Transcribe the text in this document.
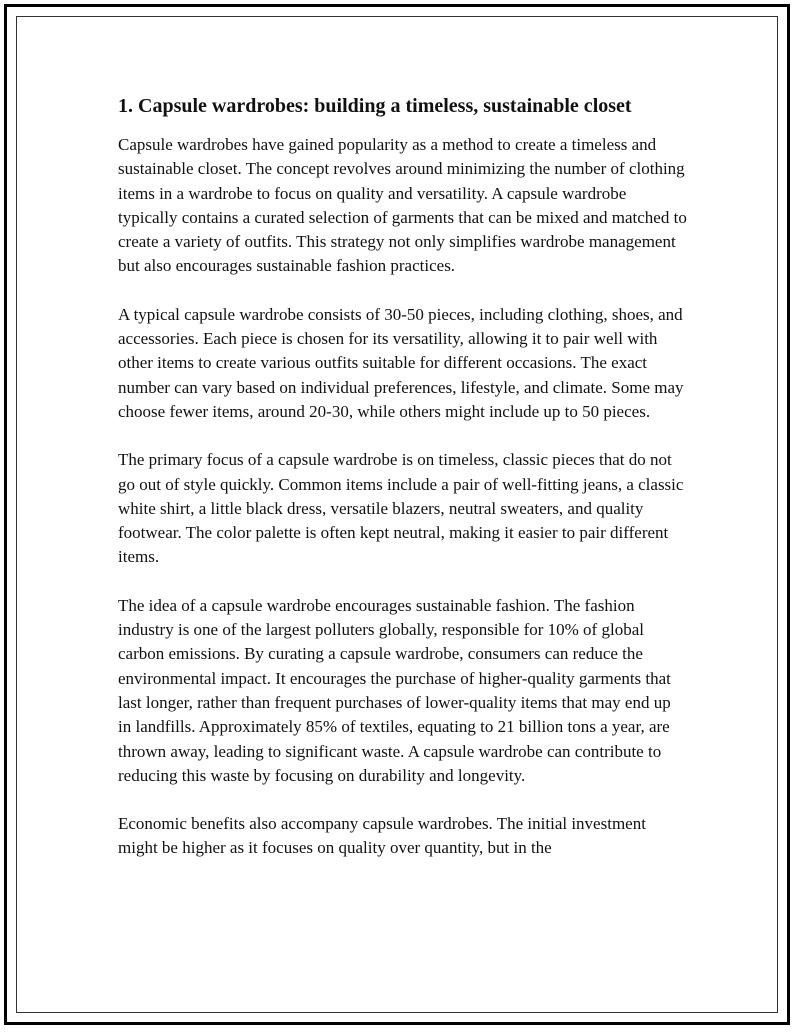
1. Capsule wardrobes: building a timeless, sustainable closet

Capsule wardrobes have gained popularity as a method to create a timeless and sustainable closet. The concept revolves around minimizing the number of clothing items in a wardrobe to focus on quality and versatility. A capsule wardrobe typically contains a curated selection of garments that can be mixed and matched to create a variety of outfits. This strategy not only simplifies wardrobe management but also encourages sustainable fashion practices.

A typical capsule wardrobe consists of 30-50 pieces, including clothing, shoes, and accessories. Each piece is chosen for its versatility, allowing it to pair well with other items to create various outfits suitable for different occasions. The exact number can vary based on individual preferences, lifestyle, and climate. Some may choose fewer items, around 20-30, while others might include up to 50 pieces.

The primary focus of a capsule wardrobe is on timeless, classic pieces that do not go out of style quickly. Common items include a pair of well-fitting jeans, a classic white shirt, a little black dress, versatile blazers, neutral sweaters, and quality footwear. The color palette is often kept neutral, making it easier to pair different items.

The idea of a capsule wardrobe encourages sustainable fashion. The fashion industry is one of the largest polluters globally, responsible for 10% of global carbon emissions. By curating a capsule wardrobe, consumers can reduce the environmental impact. It encourages the purchase of higher-quality garments that last longer, rather than frequent purchases of lower-quality items that may end up in landfills. Approximately 85% of textiles, equating to 21 billion tons a year, are thrown away, leading to significant waste. A capsule wardrobe can contribute to reducing this waste by focusing on durability and longevity.

Economic benefits also accompany capsule wardrobes. The initial investment might be higher as it focuses on quality over quantity, but in the
